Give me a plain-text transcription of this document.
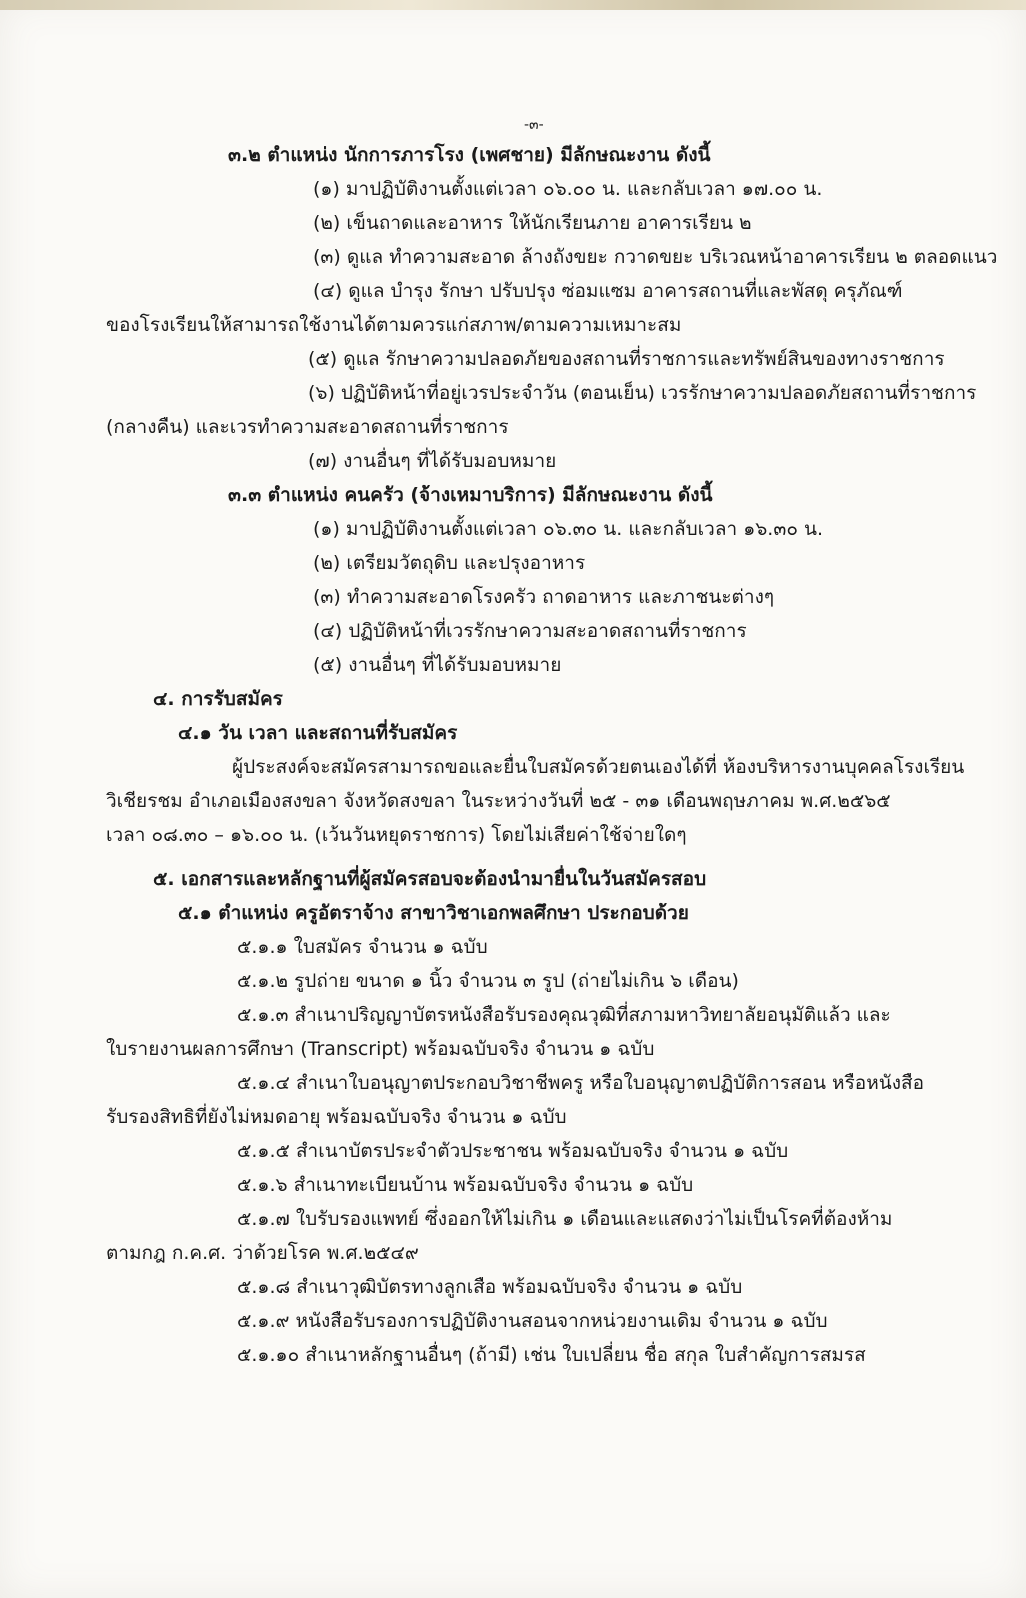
-๓-
๓.๒ ตำแหน่ง นักการภารโรง (เพศชาย) มีลักษณะงาน ดังนี้
(๑) มาปฏิบัติงานตั้งแต่เวลา ๐๖.๐๐ น. และกลับเวลา ๑๗.๐๐ น.
(๒) เข็นถาดและอาหาร ให้นักเรียนภาย อาคารเรียน ๒
(๓) ดูแล ทำความสะอาด ล้างถังขยะ กวาดขยะ บริเวณหน้าอาคารเรียน ๒ ตลอดแนว
(๔) ดูแล บำรุง รักษา ปรับปรุง ซ่อมแซม อาคารสถานที่และพัสดุ ครุภัณฑ์
ของโรงเรียนให้สามารถใช้งานได้ตามควรแก่สภาพ/ตามความเหมาะสม
(๕) ดูแล รักษาความปลอดภัยของสถานที่ราชการและทรัพย์สินของทางราชการ
(๖) ปฏิบัติหน้าที่อยู่เวรประจำวัน (ตอนเย็น) เวรรักษาความปลอดภัยสถานที่ราชการ
(กลางคืน) และเวรทำความสะอาดสถานที่ราชการ
(๗) งานอื่นๆ ที่ได้รับมอบหมาย
๓.๓ ตำแหน่ง คนครัว (จ้างเหมาบริการ) มีลักษณะงาน ดังนี้
(๑) มาปฏิบัติงานตั้งแต่เวลา ๐๖.๓๐ น. และกลับเวลา ๑๖.๓๐ น.
(๒) เตรียมวัตถุดิบ และปรุงอาหาร
(๓) ทำความสะอาดโรงครัว ถาดอาหาร และภาชนะต่างๆ
(๔) ปฏิบัติหน้าที่เวรรักษาความสะอาดสถานที่ราชการ
(๕) งานอื่นๆ ที่ได้รับมอบหมาย
๔. การรับสมัคร
๔.๑ วัน เวลา และสถานที่รับสมัคร
ผู้ประสงค์จะสมัครสามารถขอและยื่นใบสมัครด้วยตนเองได้ที่ ห้องบริหารงานบุคคลโรงเรียน
วิเชียรชม อำเภอเมืองสงขลา จังหวัดสงขลา ในระหว่างวันที่ ๒๕ - ๓๑ เดือนพฤษภาคม พ.ศ.๒๕๖๕
เวลา ๐๘.๓๐ – ๑๖.๐๐ น. (เว้นวันหยุดราชการ) โดยไม่เสียค่าใช้จ่ายใดๆ
๕. เอกสารและหลักฐานที่ผู้สมัครสอบจะต้องนำมายื่นในวันสมัครสอบ
๕.๑ ตำแหน่ง ครูอัตราจ้าง สาขาวิชาเอกพลศึกษา ประกอบด้วย
๕.๑.๑ ใบสมัคร จำนวน ๑ ฉบับ
๕.๑.๒ รูปถ่าย ขนาด ๑ นิ้ว จำนวน ๓ รูป (ถ่ายไม่เกิน ๖ เดือน)
๕.๑.๓ สำเนาปริญญาบัตรหนังสือรับรองคุณวุฒิที่สภามหาวิทยาลัยอนุมัติแล้ว และ
ใบรายงานผลการศึกษา (Transcript) พร้อมฉบับจริง จำนวน ๑ ฉบับ
๕.๑.๔ สำเนาใบอนุญาตประกอบวิชาชีพครู หรือใบอนุญาตปฏิบัติการสอน หรือหนังสือ
รับรองสิทธิที่ยังไม่หมดอายุ พร้อมฉบับจริง จำนวน ๑ ฉบับ
๕.๑.๕ สำเนาบัตรประจำตัวประชาชน พร้อมฉบับจริง จำนวน ๑ ฉบับ
๕.๑.๖ สำเนาทะเบียนบ้าน พร้อมฉบับจริง จำนวน ๑ ฉบับ
๕.๑.๗ ใบรับรองแพทย์ ซึ่งออกให้ไม่เกิน ๑ เดือนและแสดงว่าไม่เป็นโรคที่ต้องห้าม
ตามกฎ ก.ค.ศ. ว่าด้วยโรค พ.ศ.๒๕๔๙
๕.๑.๘ สำเนาวุฒิบัตรทางลูกเสือ พร้อมฉบับจริง จำนวน ๑ ฉบับ
๕.๑.๙ หนังสือรับรองการปฏิบัติงานสอนจากหน่วยงานเดิม จำนวน ๑ ฉบับ
๕.๑.๑๐ สำเนาหลักฐานอื่นๆ (ถ้ามี) เช่น ใบเปลี่ยน ชื่อ สกุล ใบสำคัญการสมรส
